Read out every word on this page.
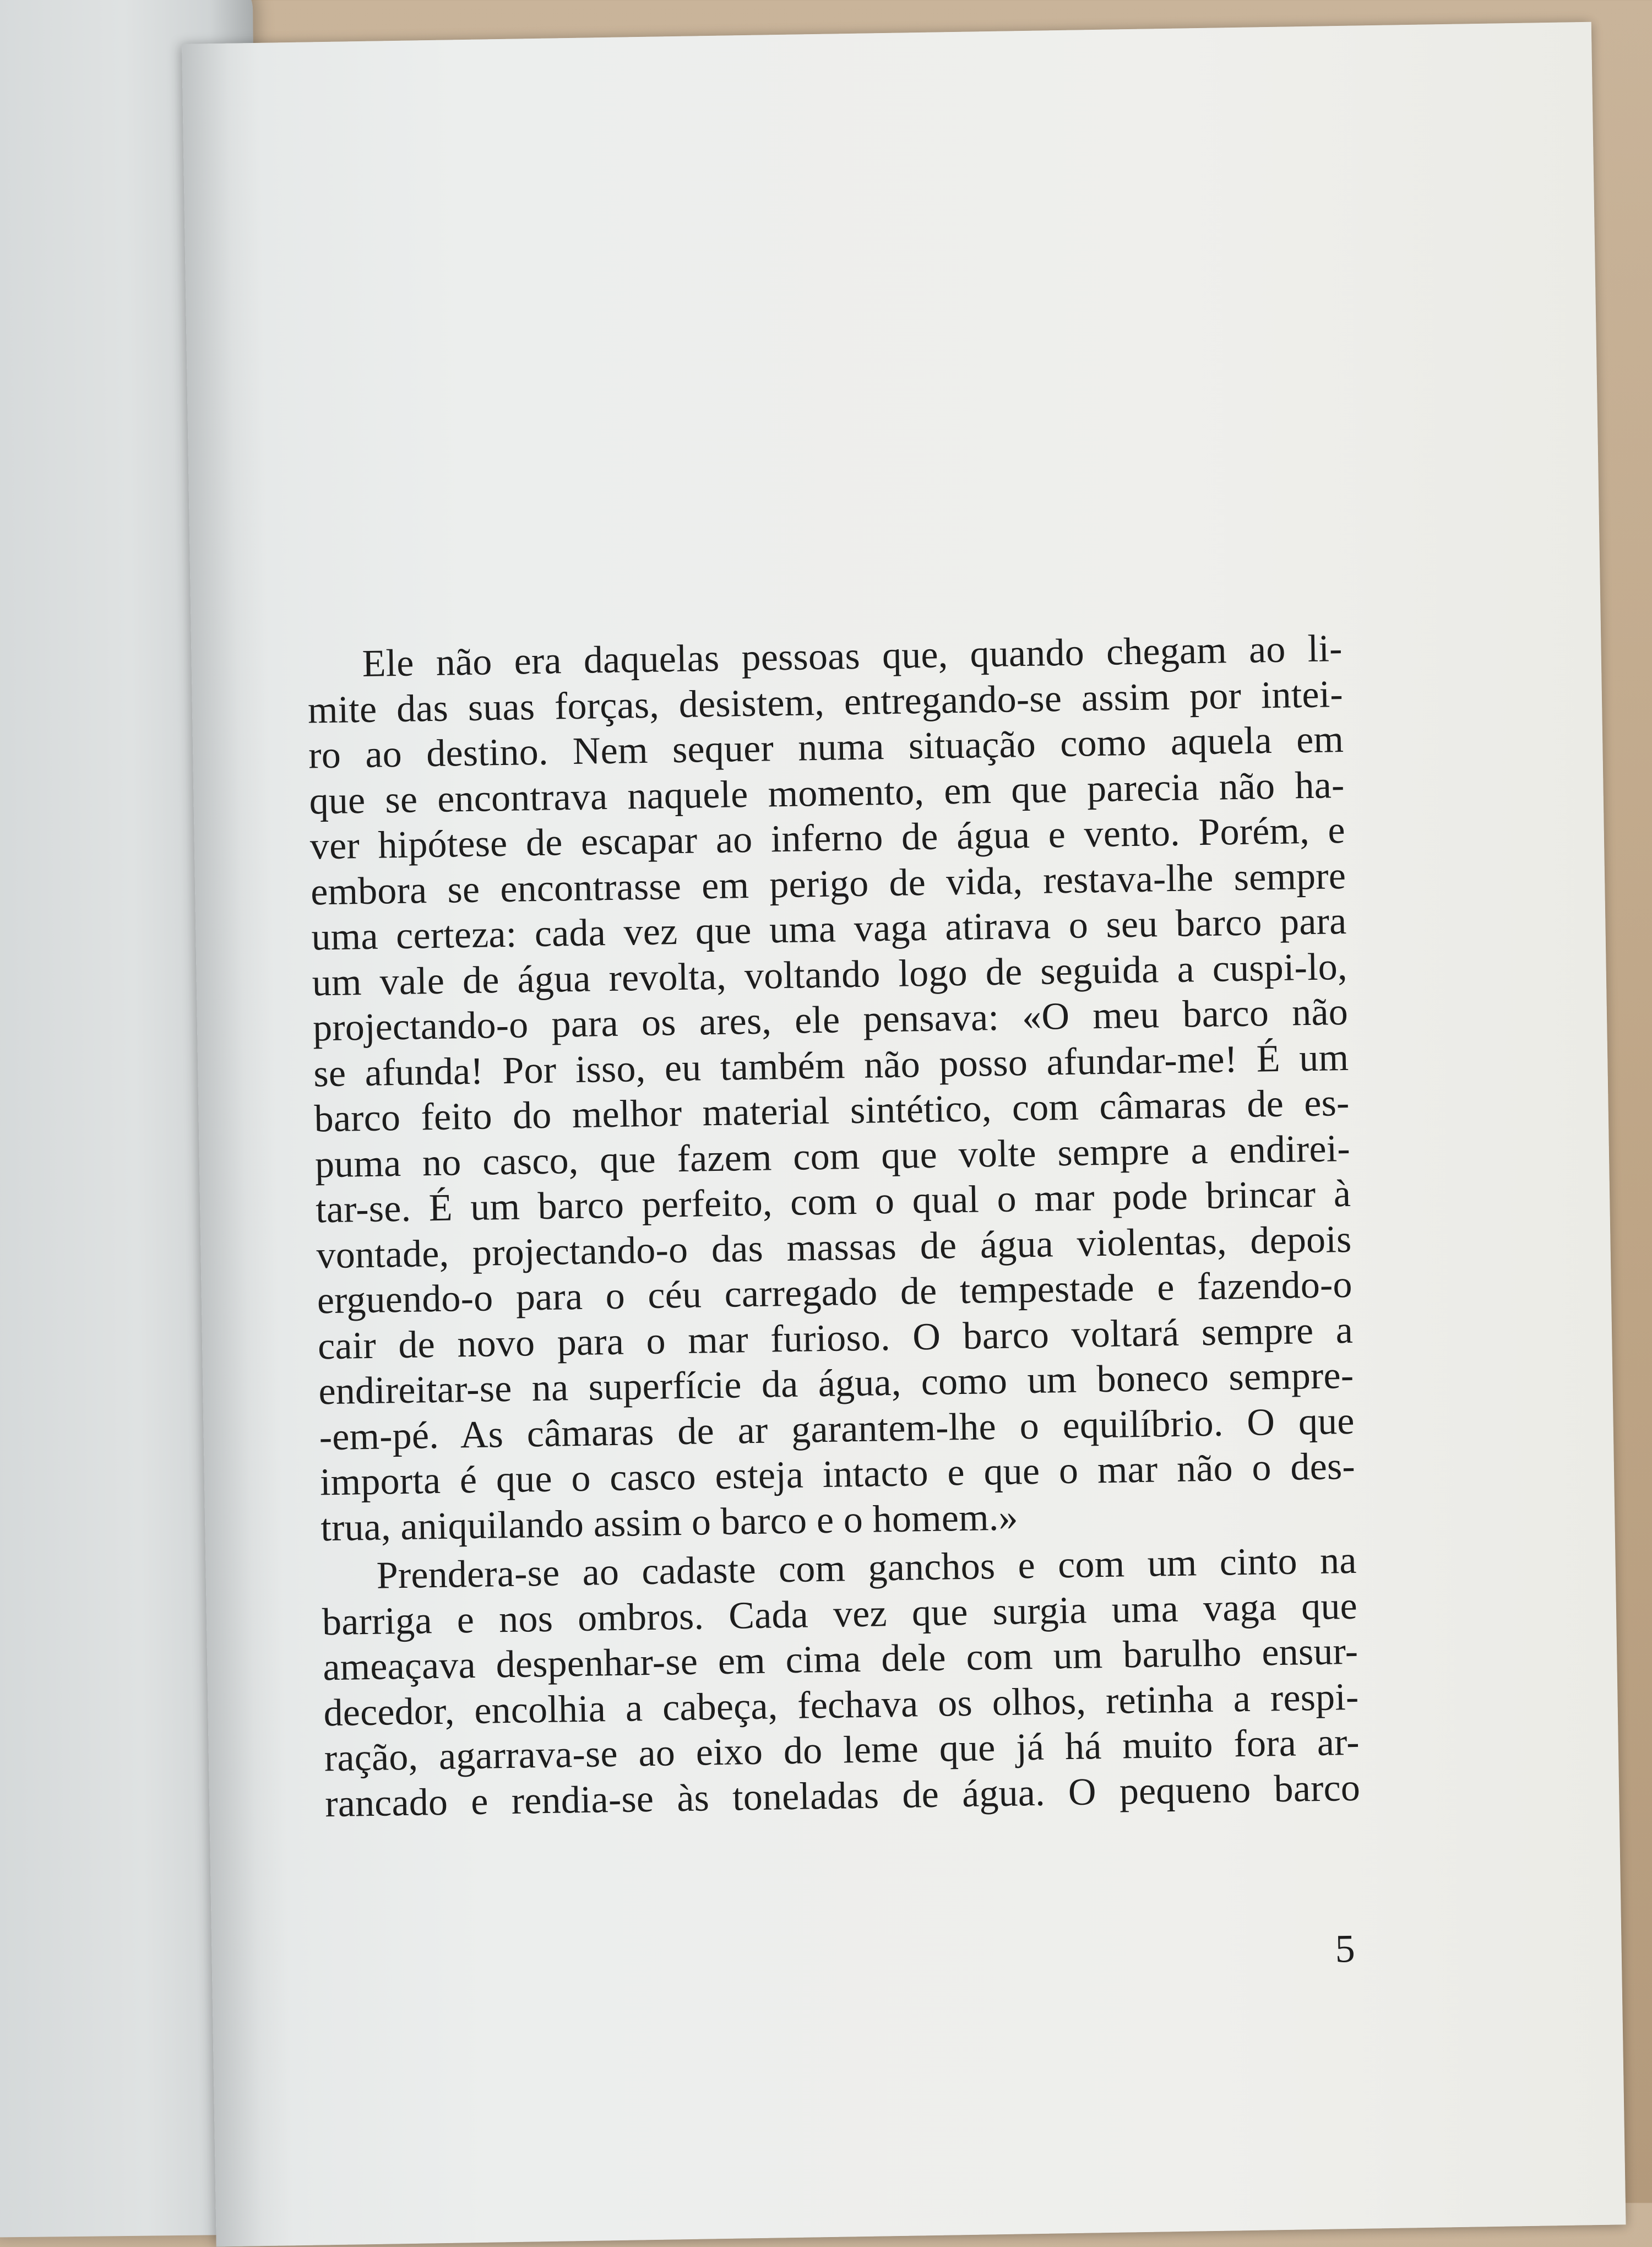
Ele não era daquelas pessoas que, quando chegam ao li-
mite das suas forças, desistem, entregando-se assim por intei-
ro ao destino. Nem sequer numa situação como aquela em
que se encontrava naquele momento, em que parecia não ha-
ver hipótese de escapar ao inferno de água e vento. Porém, e
embora se encontrasse em perigo de vida, restava-lhe sempre
uma certeza: cada vez que uma vaga atirava o seu barco para
um vale de água revolta, voltando logo de seguida a cuspi-lo,
projectando-o para os ares, ele pensava: «O meu barco não
se afunda! Por isso, eu também não posso afundar-me! É um
barco feito do melhor material sintético, com câmaras de es-
puma no casco, que fazem com que volte sempre a endirei-
tar-se. É um barco perfeito, com o qual o mar pode brincar à
vontade, projectando-o das massas de água violentas, depois
erguendo-o para o céu carregado de tempestade e fazendo-o
cair de novo para o mar furioso. O barco voltará sempre a
endireitar-se na superfície da água, como um boneco sempre-
-em-pé. As câmaras de ar garantem-lhe o equilíbrio. O que
importa é que o casco esteja intacto e que o mar não o des-
trua, aniquilando assim o barco e o homem.»
Prendera-se ao cadaste com ganchos e com um cinto na
barriga e nos ombros. Cada vez que surgia uma vaga que
ameaçava despenhar-se em cima dele com um barulho ensur-
decedor, encolhia a cabeça, fechava os olhos, retinha a respi-
ração, agarrava-se ao eixo do leme que já há muito fora ar-
rancado e rendia-se às toneladas de água. O pequeno barco
5
